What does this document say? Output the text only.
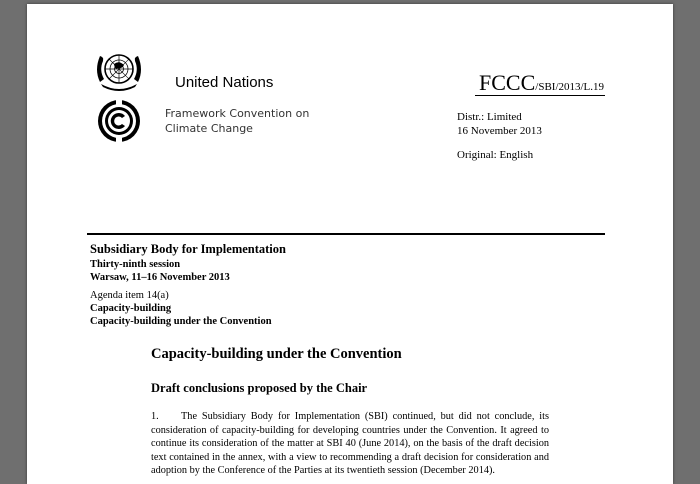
United Nations	FCCC/SBI/2013/L.19
Framework Convention on
Climate Change
Distr.: Limited
16 November 2013
Original: English
Subsidiary Body for Implementation
Thirty-ninth session
Warsaw, 11–16 November 2013
Agenda item 14(a)
Capacity-building
Capacity-building under the Convention
Capacity-building under the Convention
Draft conclusions proposed by the Chair
1. The Subsidiary Body for Implementation (SBI) continued, but did not conclude, its consideration of capacity-building for developing countries under the Convention. It agreed to continue its consideration of the matter at SBI 40 (June 2014), on the basis of the draft decision text contained in the annex, with a view to recommending a draft decision for consideration and adoption by the Conference of the Parties at its twentieth session (December 2014).
